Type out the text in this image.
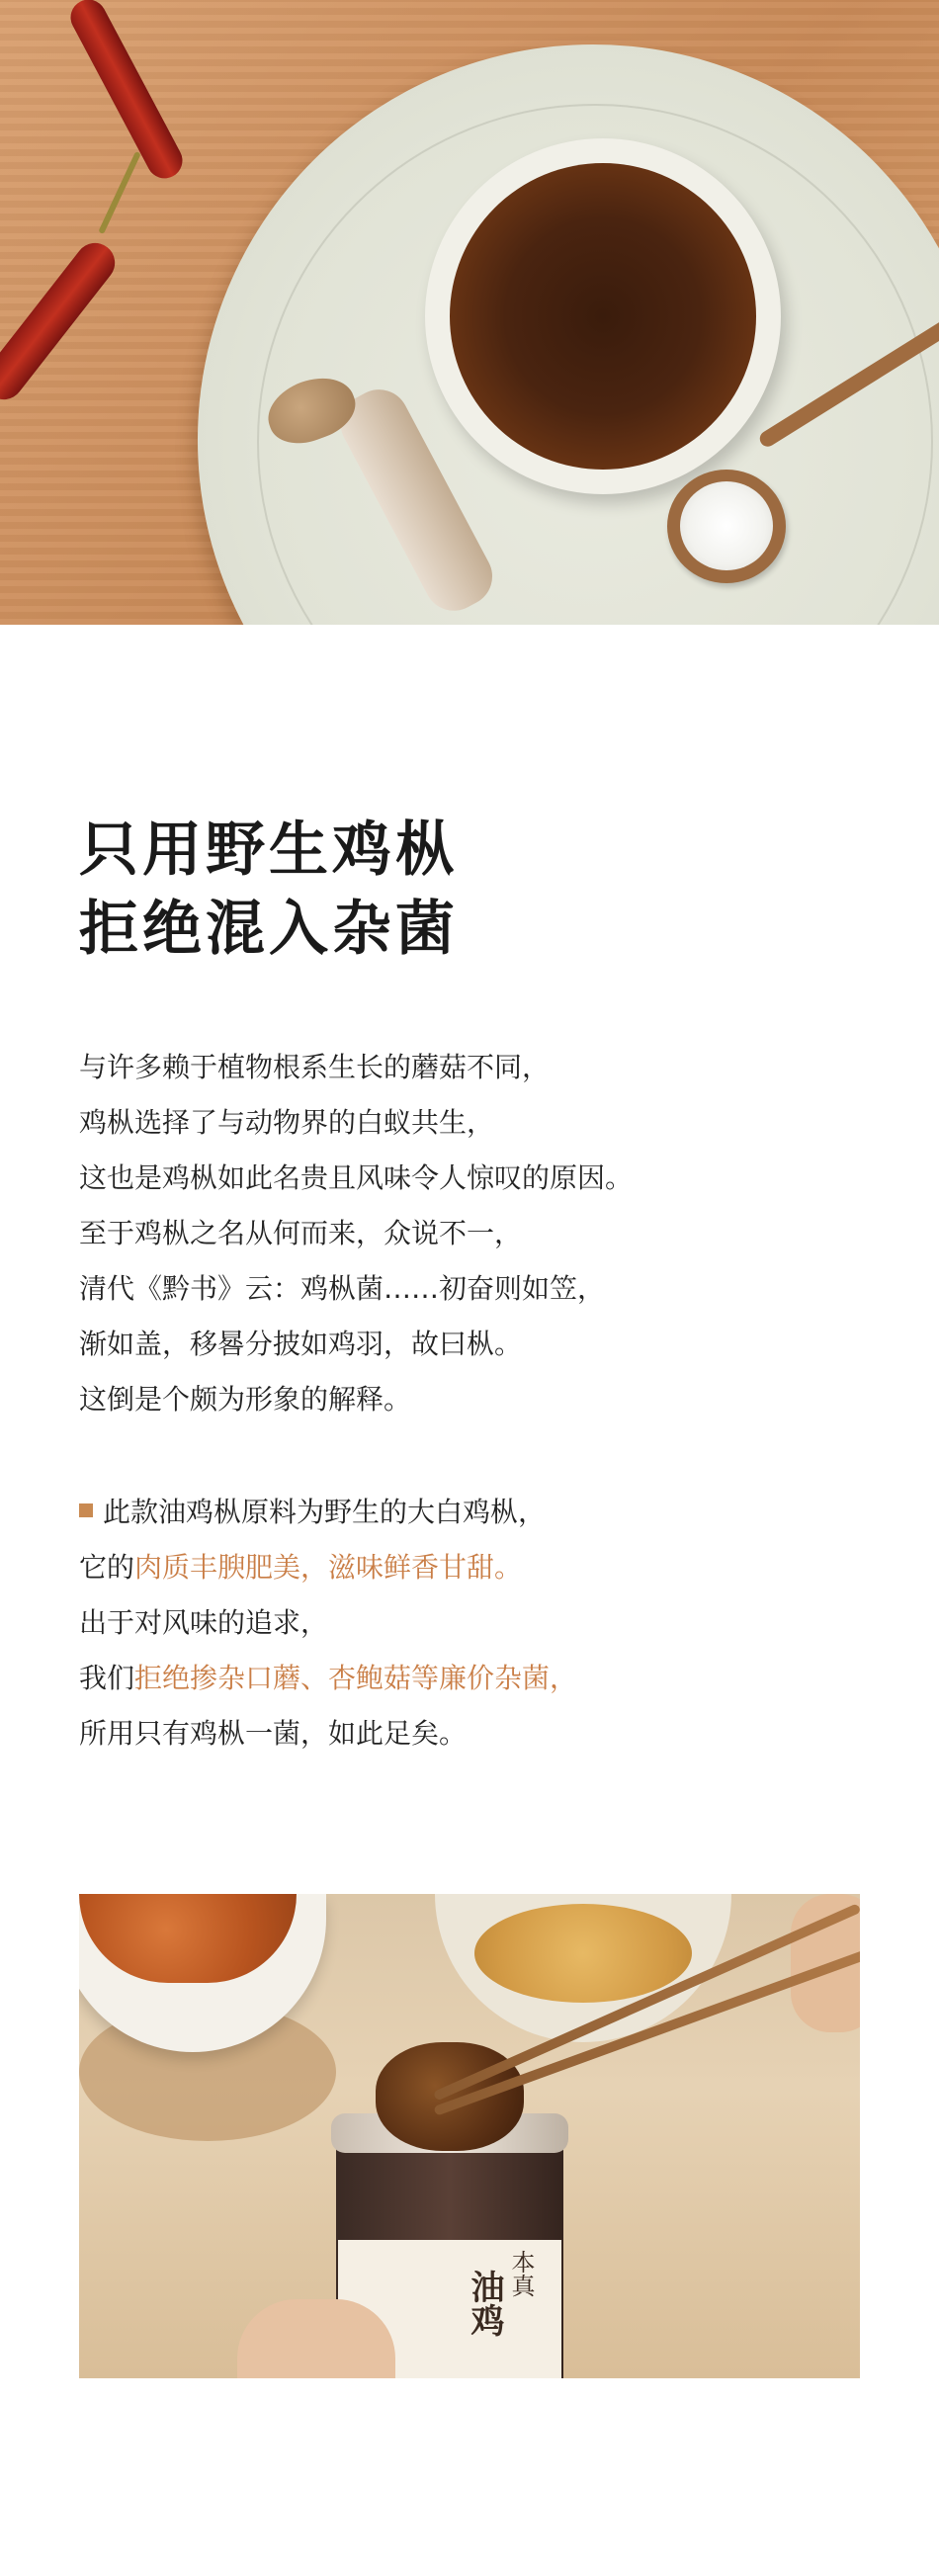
只用野生鸡枞
拒绝混入杂菌

与许多赖于植物根系生长的蘑菇不同，

鸡枞选择了与动物界的白蚁共生，

这也是鸡枞如此名贵且风味令人惊叹的原因。

至于鸡枞之名从何而来，众说不一，

清代《黔书》云：鸡枞菌……初奋则如笠，

渐如盖，移晷分披如鸡羽，故曰枞。

这倒是个颇为形象的解释。

此款油鸡枞原料为野生的大白鸡枞，

它的肉质丰腴肥美，滋味鲜香甘甜。

出于对风味的追求，

我们拒绝掺杂口蘑、杏鲍菇等廉价杂菌，

所用只有鸡枞一菌，如此足矣。

油鸡 本真
